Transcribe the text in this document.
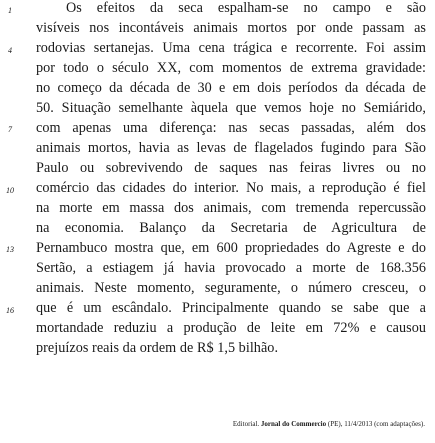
1
4
7
10
13
16
Os efeitos da seca espalham-se no campo e são
visíveis nos incontáveis animais mortos por onde passam as
rodovias sertanejas. Uma cena trágica e recorrente. Foi assim
por todo o século XX, com momentos de extrema gravidade:
no começo da década de 30 e em dois períodos da década de
50. Situação semelhante àquela que vemos hoje no Semiárido,
com apenas uma diferença: nas secas passadas, além dos
animais mortos, havia as levas de flagelados fugindo para São
Paulo ou sobrevivendo de saques nas feiras livres ou no
comércio das cidades do interior. No mais, a reprodução é fiel
na morte em massa dos animais, com tremenda repercussão
na economia. Balanço da Secretaria de Agricultura de
Pernambuco mostra que, em 600 propriedades do Agreste e do
Sertão, a estiagem já havia provocado a morte de 168.356
animais. Neste momento, seguramente, o número cresceu, o
que é um escândalo. Principalmente quando se sabe que a
mortandade reduziu a produção de leite em 72% e causou
prejuízos reais da ordem de R$ 1,5 bilhão.
Editorial. Jornal do Commercio (PE), 11/4/2013 (com adaptações).
